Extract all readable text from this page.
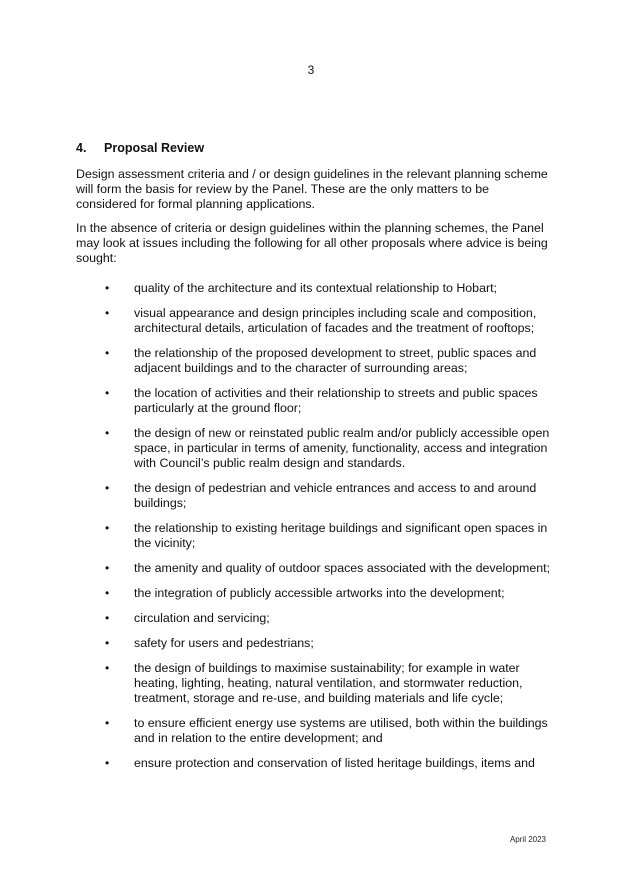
3
4.	Proposal Review

Design assessment criteria and / or design guidelines in the relevant planning scheme will form the basis for review by the Panel. These are the only matters to be considered for formal planning applications.

In the absence of criteria or design guidelines within the planning schemes, the Panel may look at issues including the following for all other proposals where advice is being sought:

• quality of the architecture and its contextual relationship to Hobart;
• visual appearance and design principles including scale and composition, architectural details, articulation of facades and the treatment of rooftops;
• the relationship of the proposed development to street, public spaces and adjacent buildings and to the character of surrounding areas;
• the location of activities and their relationship to streets and public spaces particularly at the ground floor;
• the design of new or reinstated public realm and/or publicly accessible open space, in particular in terms of amenity, functionality, access and integration with Council’s public realm design and standards.
• the design of pedestrian and vehicle entrances and access to and around buildings;
• the relationship to existing heritage buildings and significant open spaces in the vicinity;
• the amenity and quality of outdoor spaces associated with the development;
• the integration of publicly accessible artworks into the development;
• circulation and servicing;
• safety for users and pedestrians;
• the design of buildings to maximise sustainability; for example in water heating, lighting, heating, natural ventilation, and stormwater reduction, treatment, storage and re-use, and building materials and life cycle;
• to ensure efficient energy use systems are utilised, both within the buildings and in relation to the entire development; and
• ensure protection and conservation of listed heritage buildings, items and
April 2023
